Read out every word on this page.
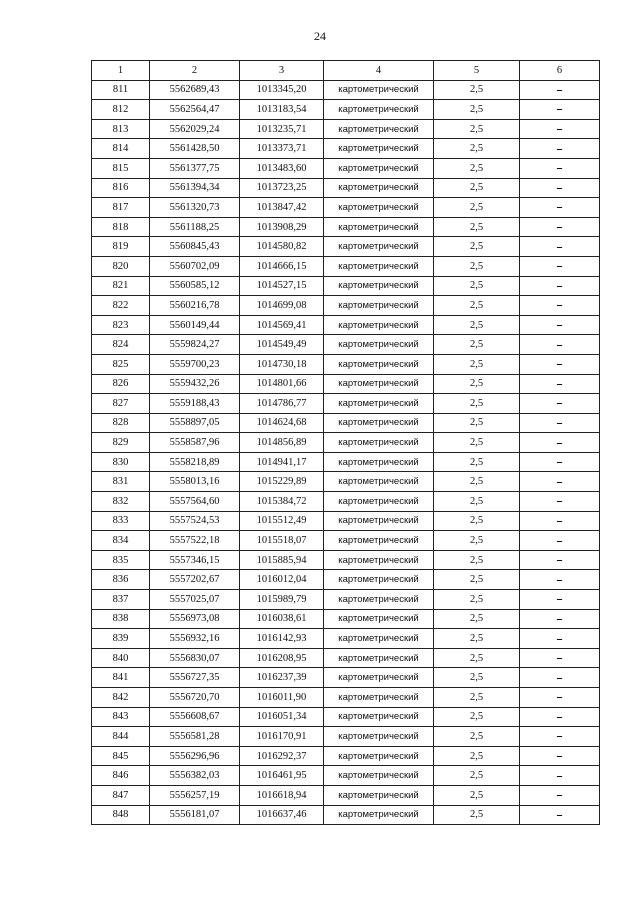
24
1	2	3	4	5	6
811	5562689,43	1013345,20	картометрический	2,5	–
812	5562564,47	1013183,54	картометрический	2,5	–
813	5562029,24	1013235,71	картометрический	2,5	–
814	5561428,50	1013373,71	картометрический	2,5	–
815	5561377,75	1013483,60	картометрический	2,5	–
816	5561394,34	1013723,25	картометрический	2,5	–
817	5561320,73	1013847,42	картометрический	2,5	–
818	5561188,25	1013908,29	картометрический	2,5	–
819	5560845,43	1014580,82	картометрический	2,5	–
820	5560702,09	1014666,15	картометрический	2,5	–
821	5560585,12	1014527,15	картометрический	2,5	–
822	5560216,78	1014699,08	картометрический	2,5	–
823	5560149,44	1014569,41	картометрический	2,5	–
824	5559824,27	1014549,49	картометрический	2,5	–
825	5559700,23	1014730,18	картометрический	2,5	–
826	5559432,26	1014801,66	картометрический	2,5	–
827	5559188,43	1014786,77	картометрический	2,5	–
828	5558897,05	1014624,68	картометрический	2,5	–
829	5558587,96	1014856,89	картометрический	2,5	–
830	5558218,89	1014941,17	картометрический	2,5	–
831	5558013,16	1015229,89	картометрический	2,5	–
832	5557564,60	1015384,72	картометрический	2,5	–
833	5557524,53	1015512,49	картометрический	2,5	–
834	5557522,18	1015518,07	картометрический	2,5	–
835	5557346,15	1015885,94	картометрический	2,5	–
836	5557202,67	1016012,04	картометрический	2,5	–
837	5557025,07	1015989,79	картометрический	2,5	–
838	5556973,08	1016038,61	картометрический	2,5	–
839	5556932,16	1016142,93	картометрический	2,5	–
840	5556830,07	1016208,95	картометрический	2,5	–
841	5556727,35	1016237,39	картометрический	2,5	–
842	5556720,70	1016011,90	картометрический	2,5	–
843	5556608,67	1016051,34	картометрический	2,5	–
844	5556581,28	1016170,91	картометрический	2,5	–
845	5556296,96	1016292,37	картометрический	2,5	–
846	5556382,03	1016461,95	картометрический	2,5	–
847	5556257,19	1016618,94	картометрический	2,5	–
848	5556181,07	1016637,46	картометрический	2,5	–
